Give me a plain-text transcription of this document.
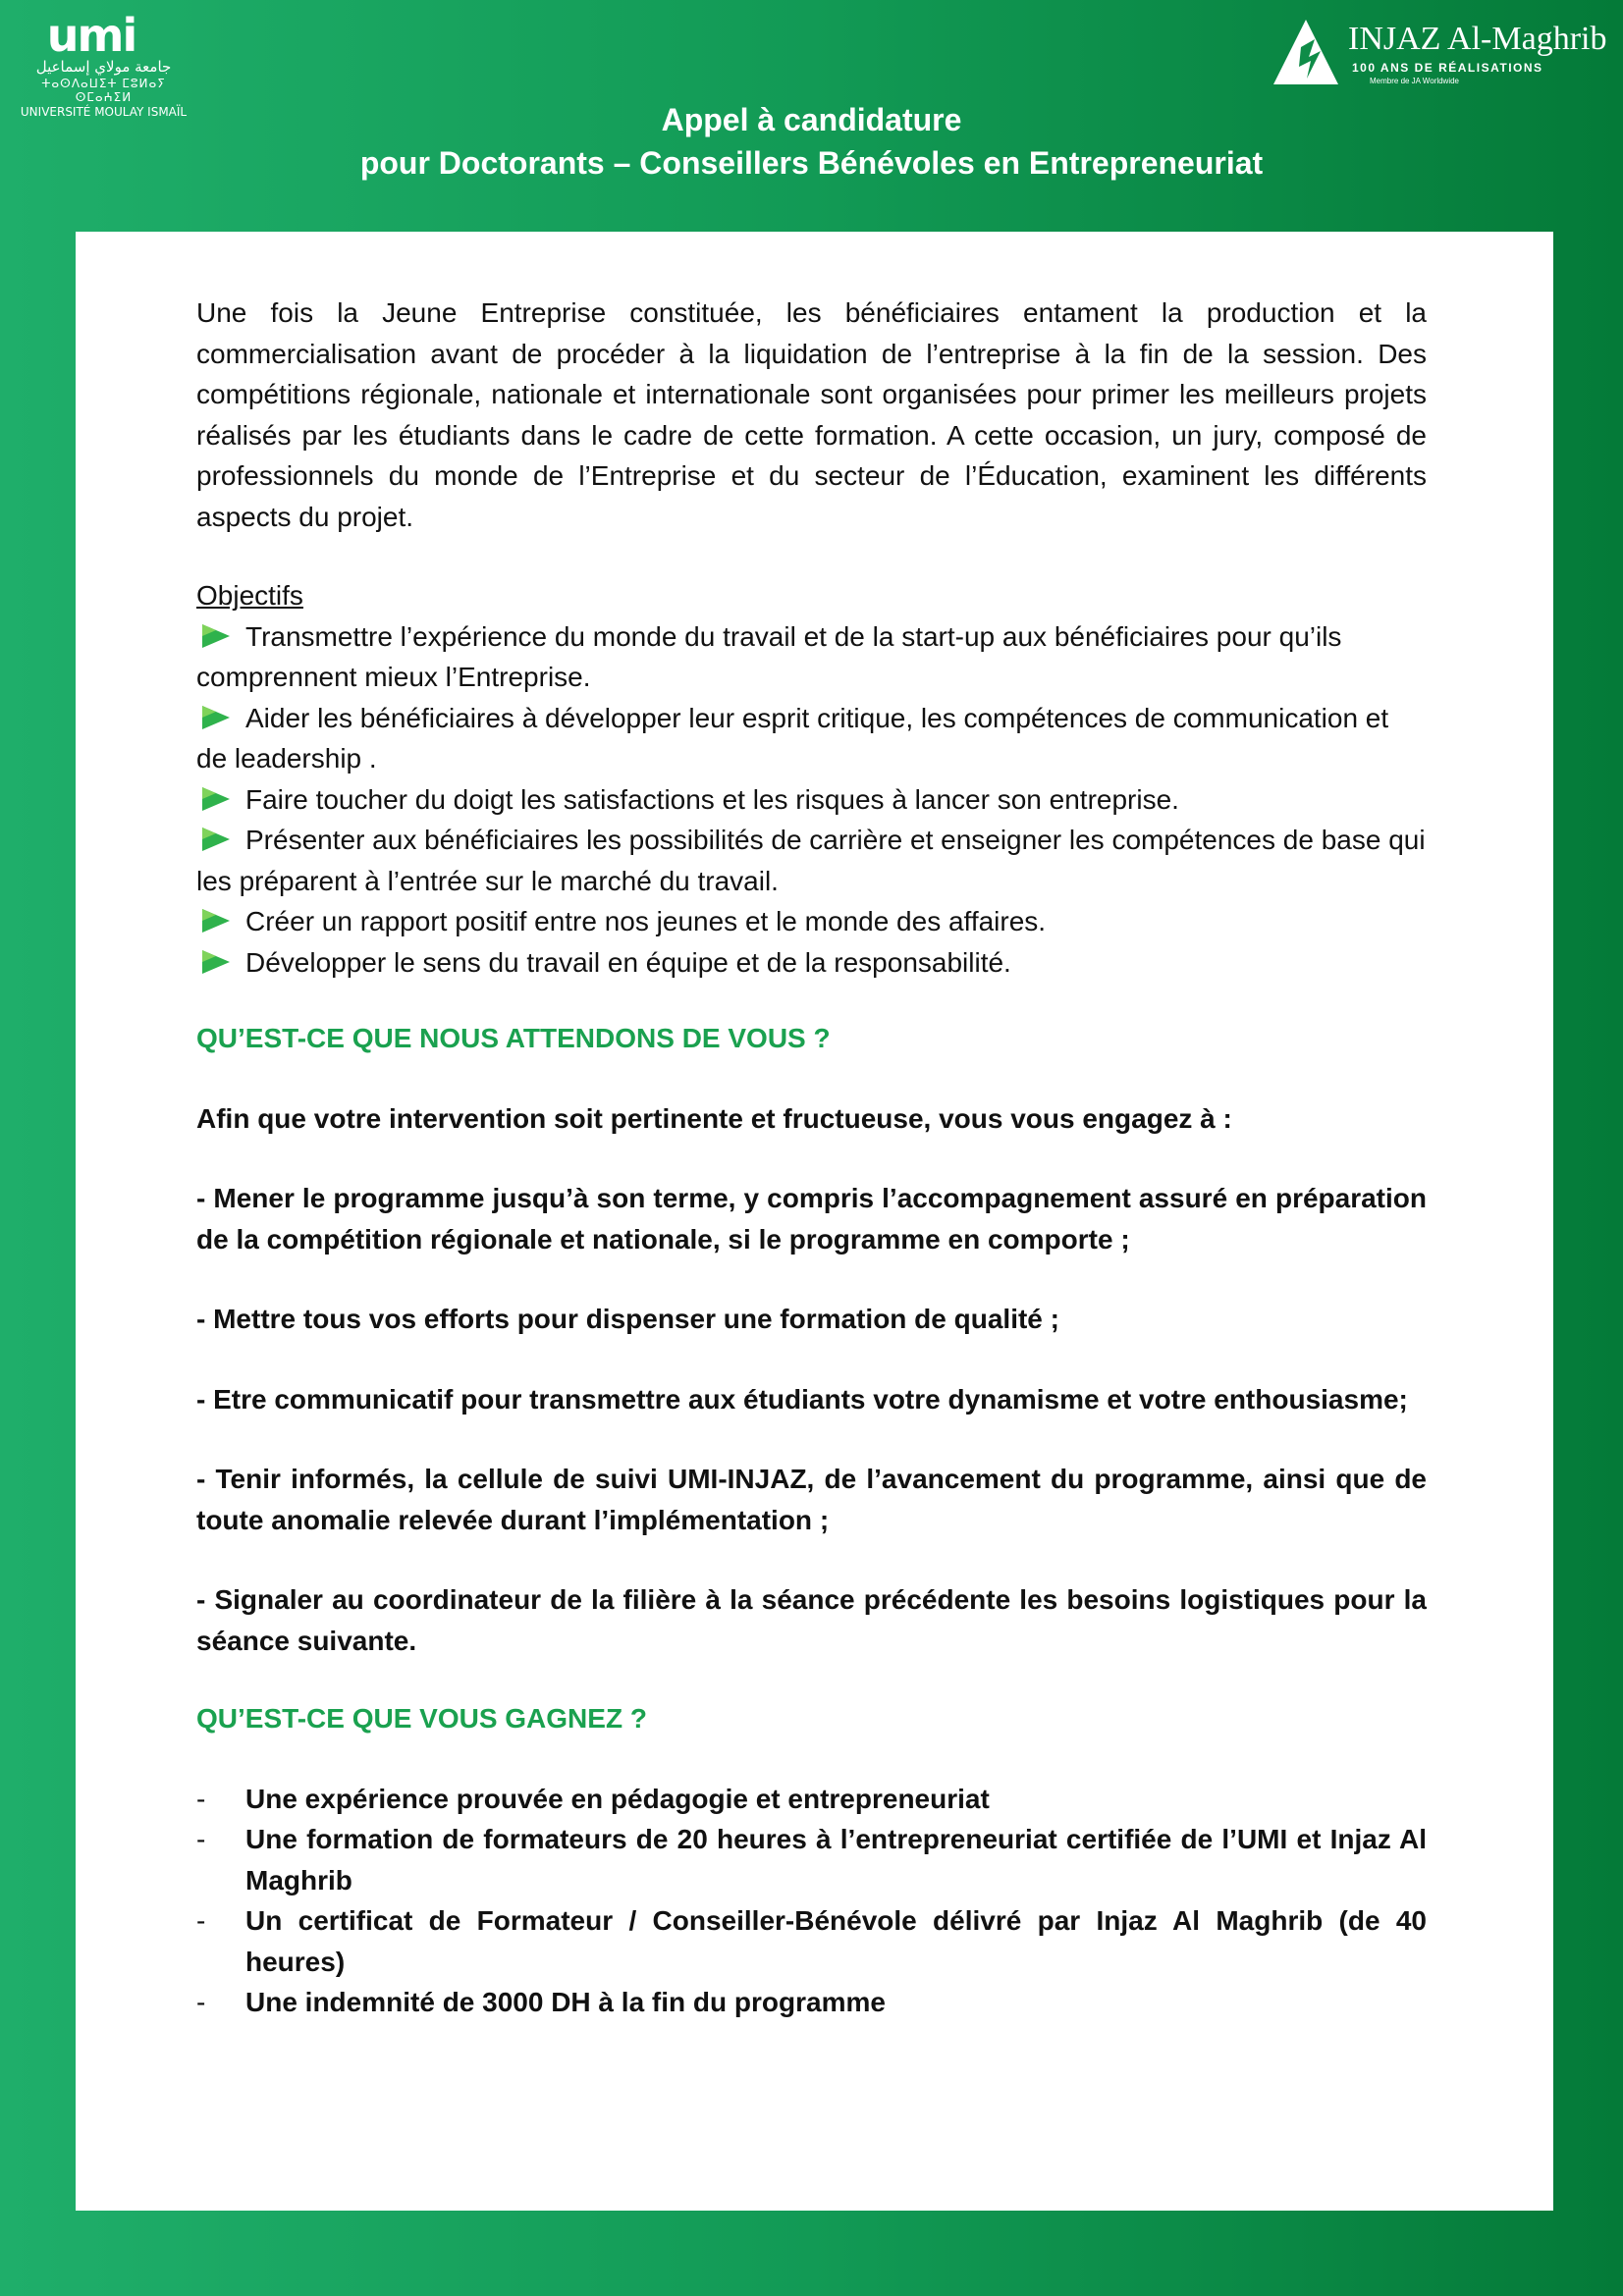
umi
جامعة مولاي إسماعيل
ⵜⴰⵙⴷⴰⵡⵉⵜ ⵎⵓⵍⴰⵢ ⵙⵎⴰⵄⵉⵍ
UNIVERSITÉ MOULAY ISMAÏL
INJAZ Al-Maghrib
100 ANS DE RÉALISATIONS
Membre de JA Worldwide
Appel à candidature
pour Doctorants – Conseillers Bénévoles en Entrepreneuriat

Une fois la Jeune Entreprise constituée, les bénéficiaires entament la production et la commercialisation avant de procéder à la liquidation de l’entreprise à la fin de la session. Des compétitions régionale, nationale et internationale sont organisées pour primer les meilleurs projets réalisés par les étudiants dans le cadre de cette formation. A cette occasion, un jury, composé de professionnels du monde de l’Entreprise et du secteur de l’Éducation, examinent les différents aspects du projet.

Objectifs

Transmettre l’expérience du monde du travail et de la start-up aux bénéficiaires pour qu’ils comprennent mieux l’Entreprise.

Aider les bénéficiaires à développer leur esprit critique, les compétences de communication et de leadership .

Faire toucher du doigt les satisfactions et les risques à lancer son entreprise.

Présenter aux bénéficiaires les possibilités de carrière et enseigner les compétences de base qui les préparent à l’entrée sur le marché du travail.

Créer un rapport positif entre nos jeunes et le monde des affaires.

Développer le sens du travail en équipe et de la responsabilité.

QU’EST-CE QUE NOUS ATTENDONS DE VOUS ?

Afin que votre intervention soit pertinente et fructueuse, vous vous engagez à :

- Mener le programme jusqu’à son terme, y compris l’accompagnement assuré en préparation de la compétition régionale et nationale, si le programme en comporte ;

- Mettre tous vos efforts pour dispenser une formation de qualité ;

- Etre communicatif pour transmettre aux étudiants votre dynamisme et votre enthousiasme;

- Tenir informés, la cellule de suivi UMI-INJAZ, de l’avancement du programme, ainsi que de toute anomalie relevée durant l’implémentation ;

- Signaler au coordinateur de la filière à la séance précédente les besoins logistiques pour la séance suivante.

QU’EST-CE QUE VOUS GAGNEZ ?

- Une expérience prouvée en pédagogie et entrepreneuriat

- Une formation de formateurs de 20 heures à l’entrepreneuriat certifiée de l’UMI et Injaz Al Maghrib

- Un certificat de Formateur / Conseiller-Bénévole délivré par Injaz Al Maghrib (de 40 heures)

- Une indemnité de 3000 DH à la fin du programme
